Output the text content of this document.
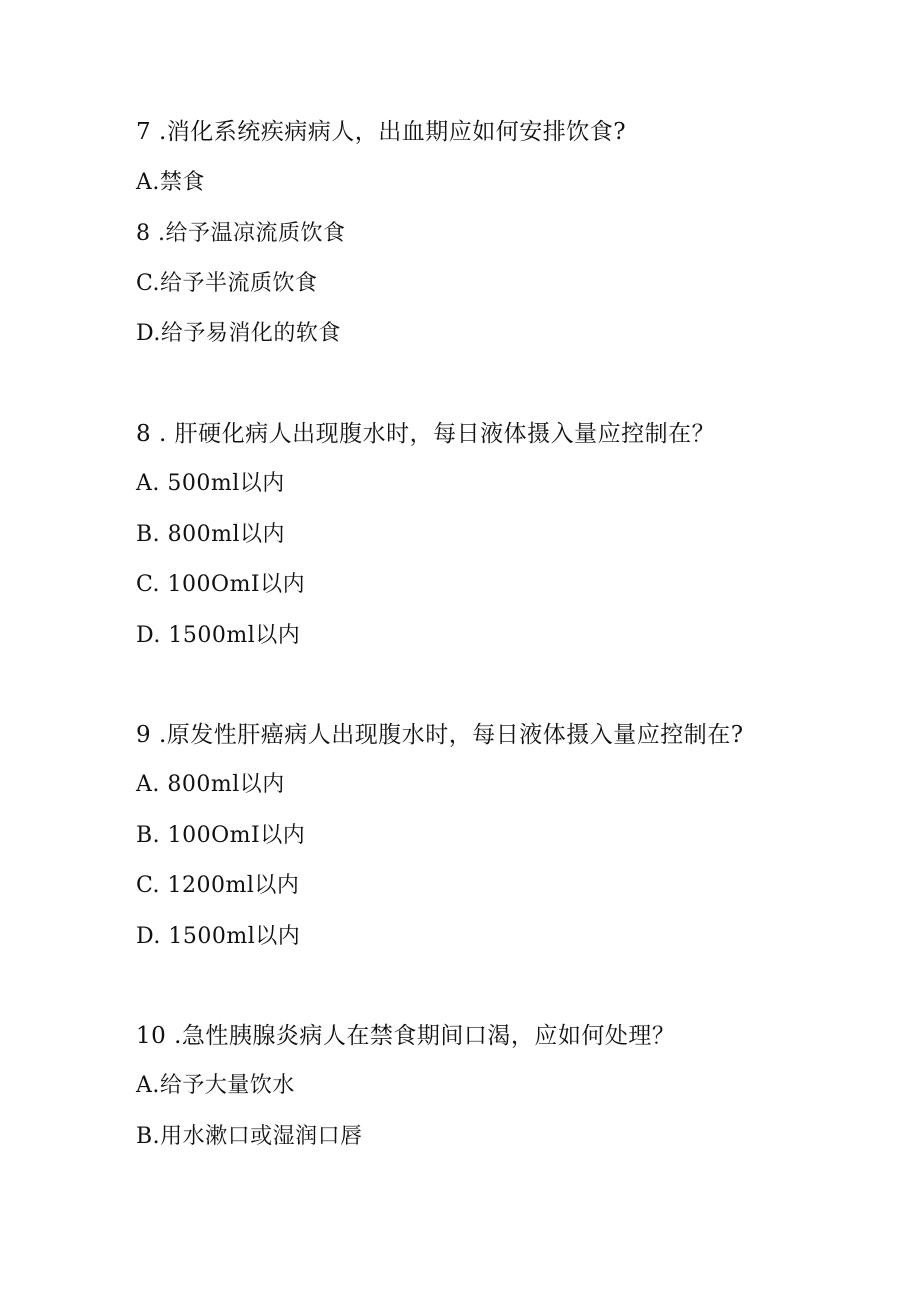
7 .消化系统疾病病人，出血期应如何安排饮食?
A.禁食
8 .给予温凉流质饮食
C.给予半流质饮食
D.给予易消化的软食
8 . 肝硬化病人出现腹水时，每日液体摄入量应控制在？
A. 500ml以内
B. 800ml以内
C. 100OmI以内
D. 1500ml以内
9 .原发性肝癌病人出现腹水时，每日液体摄入量应控制在?
A. 800ml以内
B. 100OmI以内
C. 1200ml以内
D. 1500ml以内
10 .急性胰腺炎病人在禁食期间口渴，应如何处理？
A.给予大量饮水
B.用水漱口或湿润口唇
